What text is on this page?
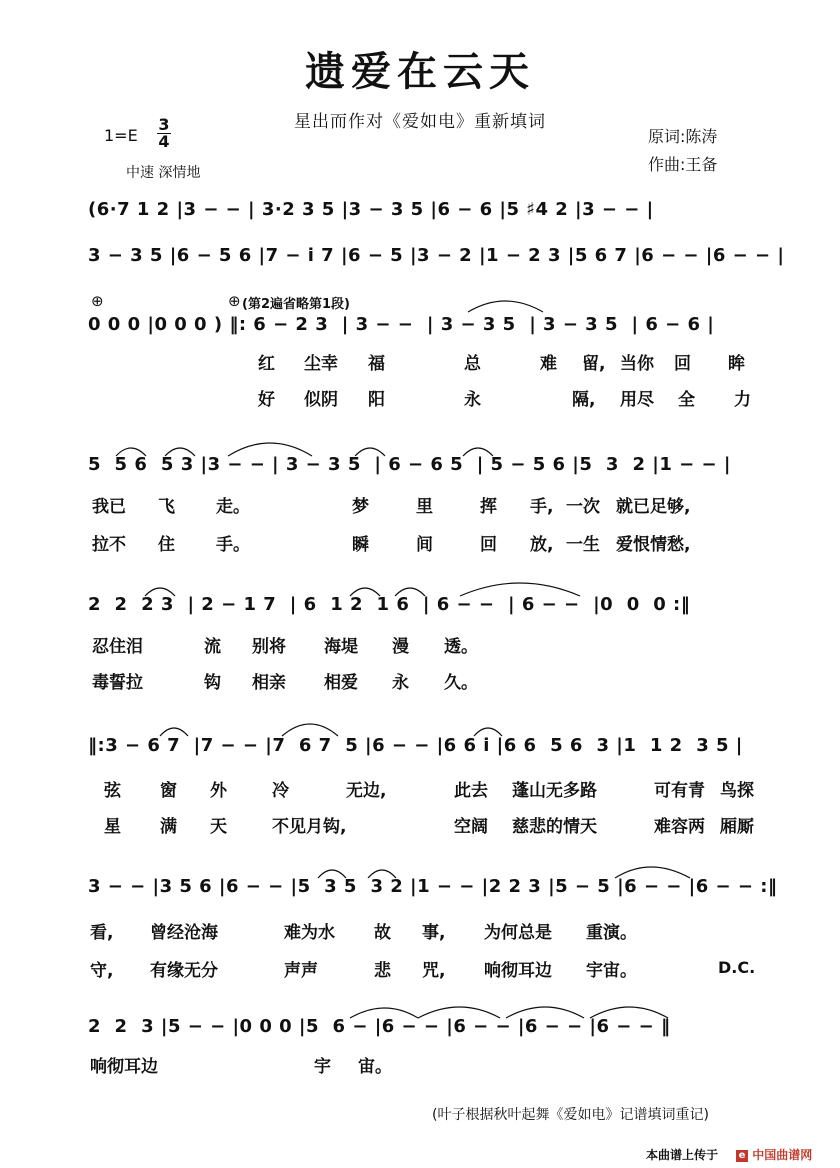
遗爱在云天
星出而作对《爱如电》重新填词
1=E
3
4
中速 深情地
原词:陈涛
作曲:王备
(6·7 1 2 |3 − − | 3·2 3 5 |3 − 3 5 |6 − 6 |5 ♯4 2 |3 − − |
3 − 3 5 |6 − 5 6 |7 − i 7 |6 − 5 |3 − 2 |1 − 2 3 |5 6 7 |6 − − |6 − − |
⊕	⊕ (第2遍省略第1段)
0 0 0 |0 0 0 ) ‖: 6 − 2 3  | 3 − −  | 3 − 3 5  | 3 − 3 5  | 6 − 6 |
红 尘幸 福	总	难 留, 当你 回 眸
好 似阴 阳	永	隔, 用尽 全 力
5  5 6  5 3 |3 − − | 3 − 3 5  | 6 − 6 5  | 5 − 5 6 |5  3  2 |1 − − |
我已 飞 走。	梦	里	挥 手, 一次 就已足够,
拉不 住 手。	瞬	间	回 放, 一生 爱恨情愁,
2  2  2 3  | 2 − 1 7  | 6  1 2  1 6  | 6 − −  | 6 − −  |0  0  0 :‖
忍住泪	流 别将 海堤 漫 透。
毒誓拉	钩 相亲 相爱 永 久。
‖:3 − 6 7  |7 − − |7  6 7  5 |6 − − |6 6 i |6 6  5 6  3 |1  1 2  3 5 |
弦 窗 外	冷	无边,	此去 蓬山无多路	可有青 鸟探
星 满 天	不见月钩,	空阔 慈悲的情天	难容两 厢厮
3 − − |3 5 6 |6 − − |5  3 5  3 2 |1 − − |2 2 3 |5 − 5 |6 − − |6 − − :‖
看, 曾经沧海	难为水 故 事, 为何总是 重演。
守, 有缘无分	声声	悲 咒, 响彻耳边 宇宙。	D.C.
2  2  3 |5 − − |0 0 0 |5  6 − |6 − − |6 − − |6 − − |6 − − ‖
响彻耳边	宇 宙。
(叶子根据秋叶起舞《爱如电》记谱填词重记)
本曲谱上传于 e 中国曲谱网
